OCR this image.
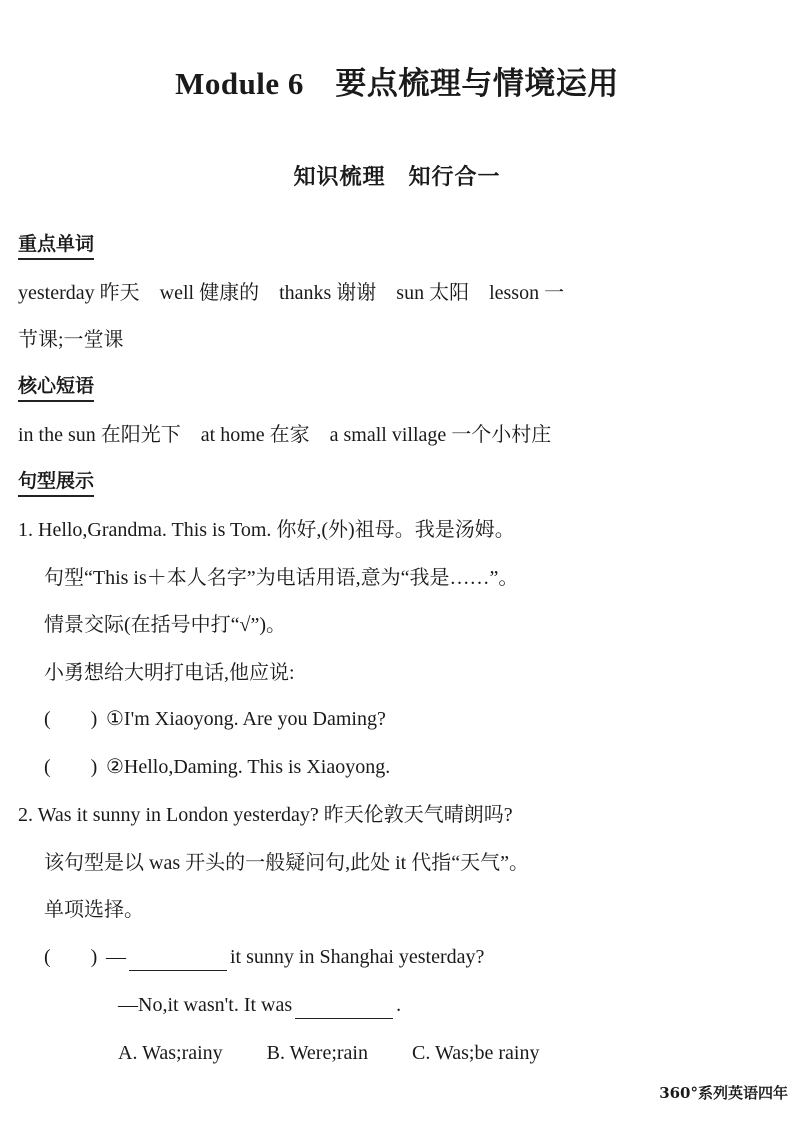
Module 6　要点梳理与情境运用
知识梳理　知行合一
重点单词
yesterday 昨天　well 健康的　thanks 谢谢　sun 太阳　lesson 一
节课;一堂课
核心短语
in the sun 在阳光下　at home 在家　a small village 一个小村庄
句型展示
1. Hello,Grandma. This is Tom. 你好,(外)祖母。我是汤姆。
句型“This is＋本人名字”为电话用语,意为“我是……”。
情景交际(在括号中打“√”)。
小勇想给大明打电话,他应说:
(　　) ①I'm Xiaoyong. Are you Daming?
(　　) ②Hello,Daming. This is Xiaoyong.
2. Was it sunny in London yesterday? 昨天伦敦天气晴朗吗?
该句型是以 was 开头的一般疑问句,此处 it 代指“天气”。
单项选择。
(　　) —	it sunny in Shanghai yesterday?
—No,it wasn't. It was	.
A. Was;rainy B. Were;rain C. Was;be rainy
360°系列英语四年
